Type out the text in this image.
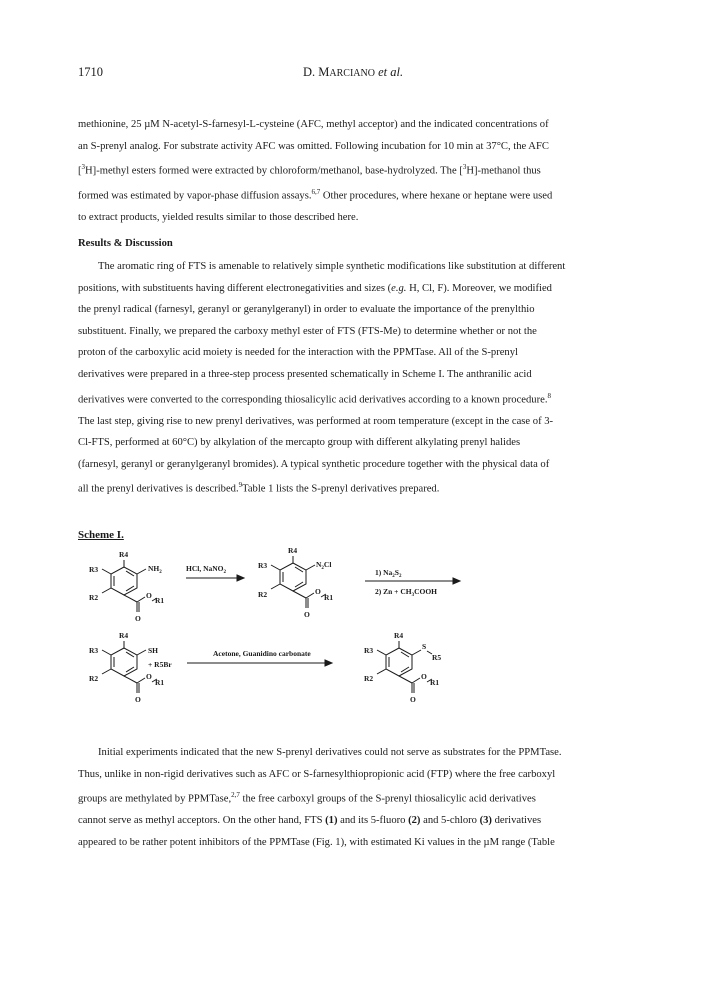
1710	D. MARCIANO et al.

methionine, 25 µM N-acetyl-S-farnesyl-L-cysteine (AFC, methyl acceptor) and the indicated concentrations of

an S-prenyl analog. For substrate activity AFC was omitted. Following incubation for 10 min at 37°C, the AFC

[$^3$H]-methyl esters formed were extracted by chloroform/methanol, base-hydrolyzed. The [$^3$H]-methanol thus

formed was estimated by vapor-phase diffusion assays.$^{6,7}$ Other procedures, where hexane or heptane were used

to extract products, yielded results similar to those described here.

Results & Discussion

The aromatic ring of FTS is amenable to relatively simple synthetic modifications like substitution at different

positions, with substituents having different electronegativities and sizes (e.g. H, Cl, F). Moreover, we modified

the prenyl radical (farnesyl, geranyl or geranylgeranyl) in order to evaluate the importance of the prenylthio

substituent. Finally, we prepared the carboxy methyl ester of FTS (FTS-Me) to determine whether or not the

proton of the carboxylic acid moiety is needed for the interaction with the PPMTase. All of the S-prenyl

derivatives were prepared in a three-step process presented schematically in Scheme I. The anthranilic acid

derivatives were converted to the corresponding thiosalicylic acid derivatives according to a known procedure.$^8$

The last step, giving rise to new prenyl derivatives, was performed at room temperature (except in the case of 3-

Cl-FTS, performed at 60°C) by alkylation of the mercapto group with different alkylating prenyl halides

(farnesyl, geranyl or geranylgeranyl bromides). A typical synthetic procedure together with the physical data of

all the prenyl derivatives is described.$^9$Table 1 lists the S-prenyl derivatives prepared.

Scheme I.
R4
$NH_2$
R3
R2	O
R1
O
HCl, NaNO$_2$
R4
$N_2Cl$
R3
R2	O
R1
O
1) $Na_2S_2$
2) $Zn + CH_3COOH$
R4
SH
R3
R2	O
R1
O
+ R5Br
Acetone, Guanidino carbonate
R4
S
R5
R3
R2	O
R1
O

Initial experiments indicated that the new S-prenyl derivatives could not serve as substrates for the PPMTase.

Thus, unlike in non-rigid derivatives such as AFC or S-farnesylthiopropionic acid (FTP) where the free carboxyl

groups are methylated by PPMTase,$^{2,7}$ the free carboxyl groups of the S-prenyl thiosalicylic acid derivatives

cannot serve as methyl acceptors. On the other hand, FTS (1) and its 5-fluoro (2) and 5-chloro (3) derivatives

appeared to be rather potent inhibitors of the PPMTase (Fig. 1), with estimated Ki values in the µM range (Table
